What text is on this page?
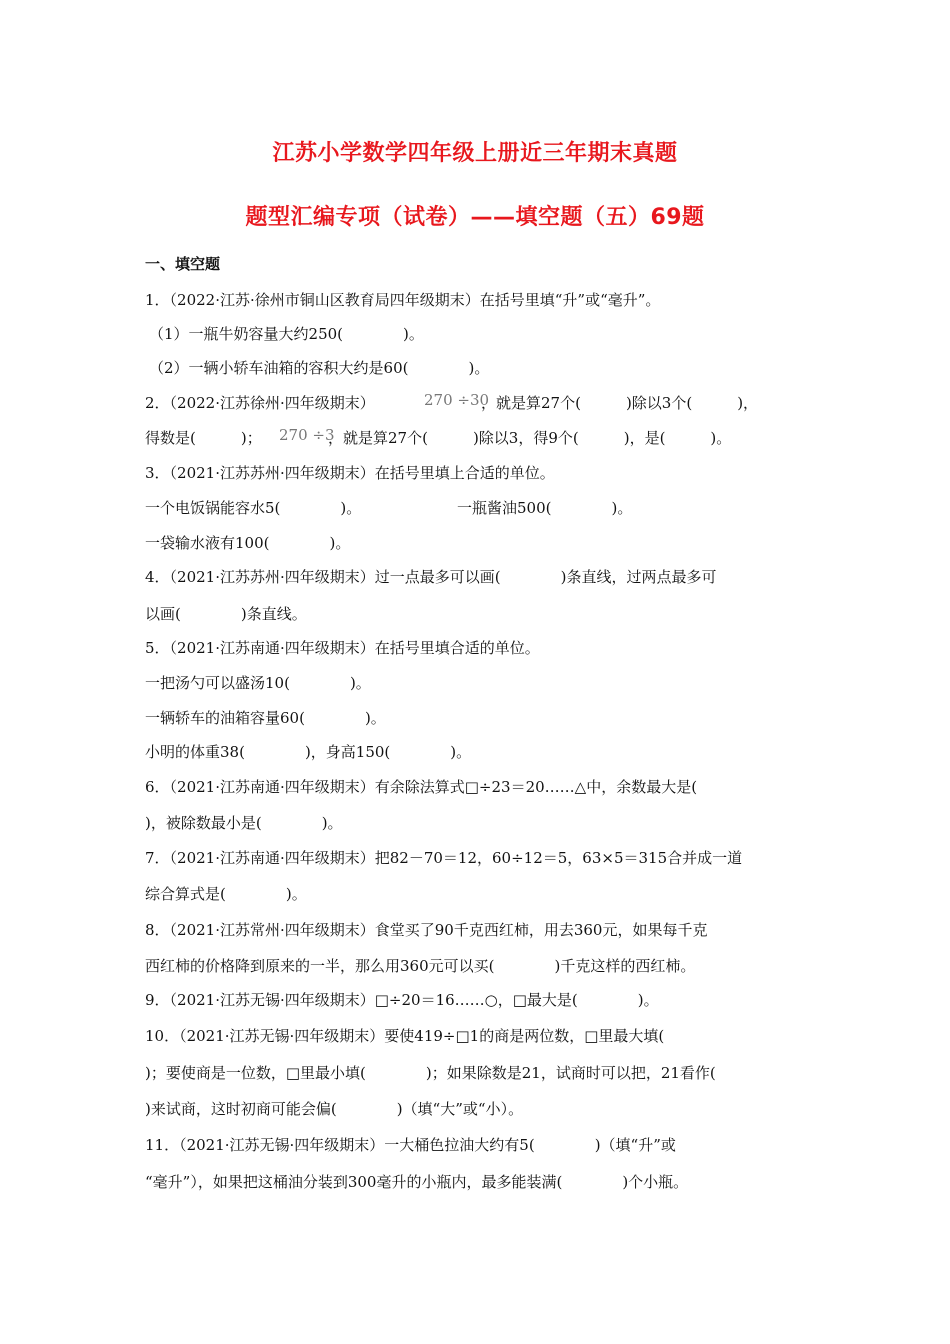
江苏小学数学四年级上册近三年期末真题
题型汇编专项（试卷）——填空题（五）69题
一、填空题
1．（2022·江苏·徐州市铜山区教育局四年级期末）在括号里填“升”或“毫升”。
（1）一瓶牛奶容量大约250(　　　　)。
（2）一辆小轿车油箱的容积大约是60(　　　　)。
2．（2022·江苏徐州·四年级期末）	270 ÷30
，就是算27个(　　　)除以3个(　　　)，
得数是(　　　)； 270 ÷3
，就是算27个(　　　)除以3，得9个(　　　)，是(　　　)。
3．（2021·江苏苏州·四年级期末）在括号里填上合适的单位。
一个电饭锅能容水5(　　　　)。	一瓶酱油500(　　　　)。
一袋输水液有100(　　　　)。
4．（2021·江苏苏州·四年级期末）过一点最多可以画(　　　　)条直线，过两点最多可
以画(　　　　)条直线。
5．（2021·江苏南通·四年级期末）在括号里填合适的单位。
一把汤勺可以盛汤10(　　　　)。
一辆轿车的油箱容量60(　　　　)。
小明的体重38(　　　　)，身高150(　　　　)。
6．（2021·江苏南通·四年级期末）有余除法算式□÷23＝20……△中，余数最大是(
)，被除数最小是(　　　　)。
7．（2021·江苏南通·四年级期末）把82－70＝12，60÷12＝5，63×5＝315合并成一道
综合算式是(　　　　)。
8．（2021·江苏常州·四年级期末）食堂买了90千克西红柿，用去360元，如果每千克
西红柿的价格降到原来的一半，那么用360元可以买(　　　　)千克这样的西红柿。
9．（2021·江苏无锡·四年级期末）□÷20＝16……○，□最大是(　　　　)。
10．（2021·江苏无锡·四年级期末）要使419÷□1的商是两位数，□里最大填(
)；要使商是一位数，□里最小填(　　　　)；如果除数是21，试商时可以把，21看作(
)来试商，这时初商可能会偏(　　　　)（填“大”或“小）。
11．（2021·江苏无锡·四年级期末）一大桶色拉油大约有5(　　　　)（填“升”或
“毫升”），如果把这桶油分装到300毫升的小瓶内，最多能装满(　　　　)个小瓶。
